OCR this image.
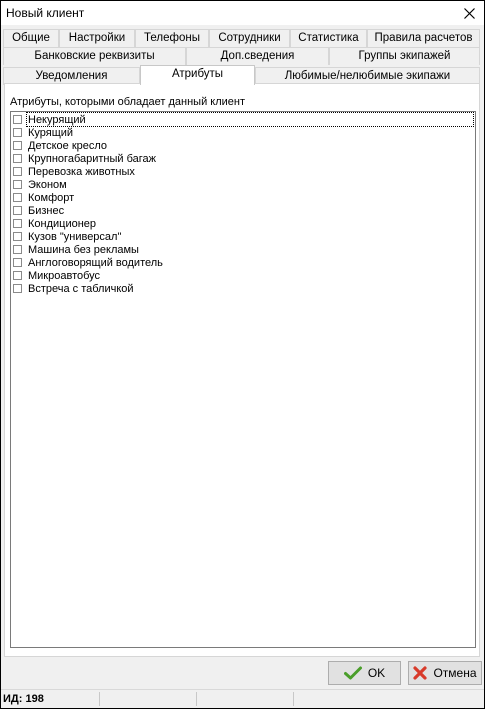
Новый клиент
Общие	Настройки	Телефоны	Сотрудники	Статистика	Правила расчетов
Банковские реквизиты	Доп.сведения	Группы экипажей
Уведомления	Атрибуты	Любимые/нелюбимые экипажи
Атрибуты, которыми обладает данный клиент
Некурящий
Курящий
Детское кресло
Крупногабаритный багаж
Перевозка животных
Эконом
Комфорт
Бизнес
Кондиционер
Кузов "универсал"
Машина без рекламы
Англоговорящий водитель
Микроавтобус
Встреча с табличкой
OK	Отмена
ИД: 198
